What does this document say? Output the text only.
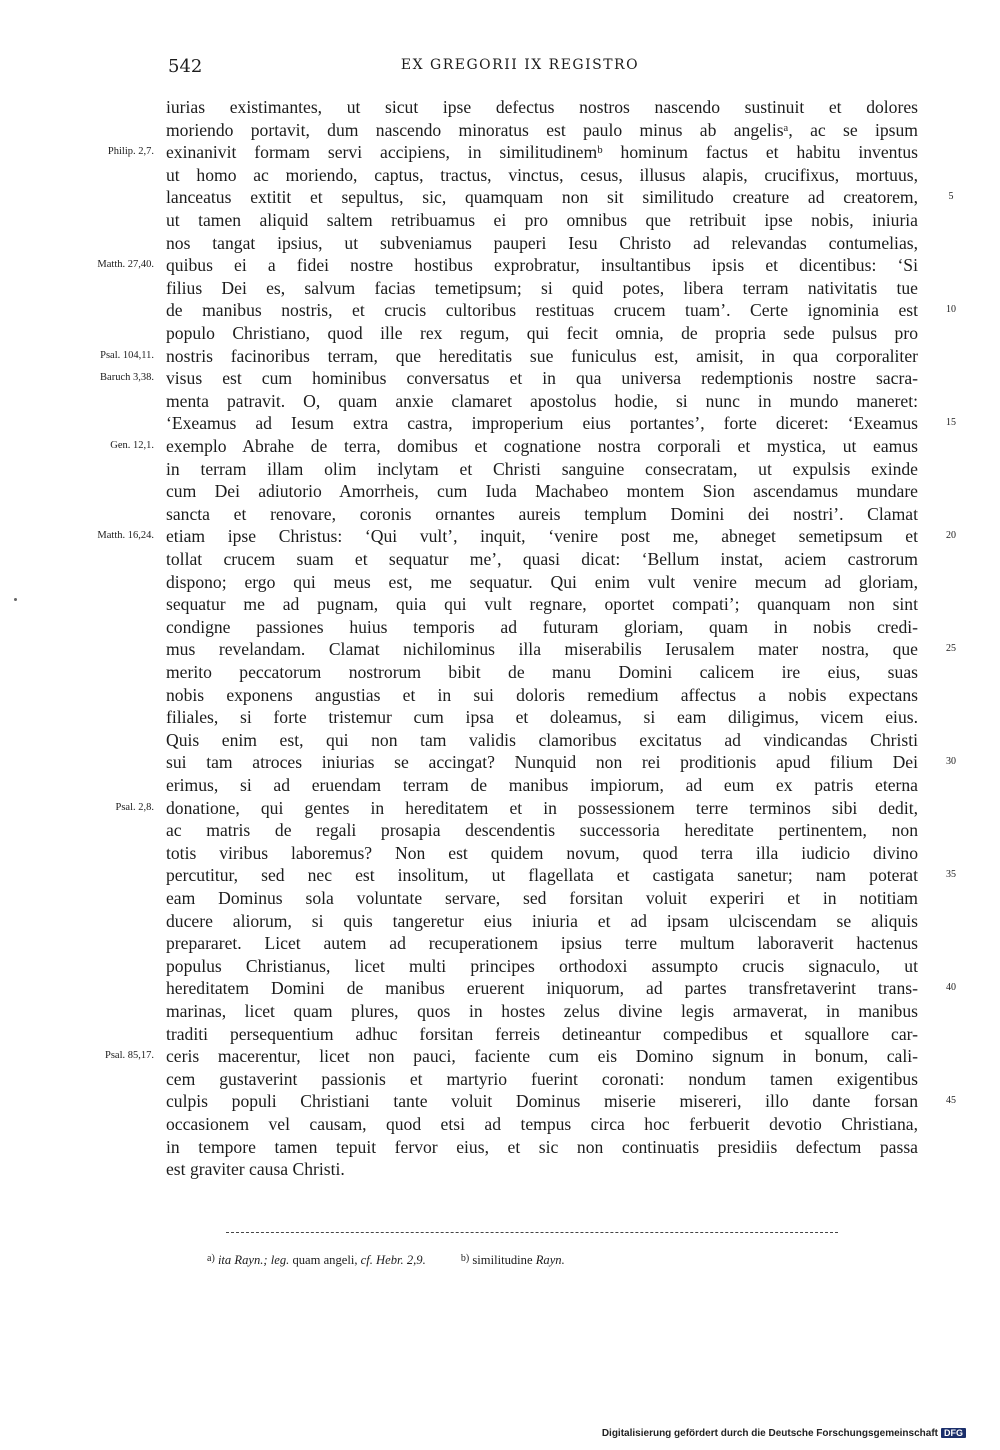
542	EX GREGORII IX REGISTRO
iurias existimantes, ut sicut ipse defectus nostros nascendo sustinuit et dolores
moriendo portavit, dum nascendo minoratus est paulo minus ab angelisᵃ, ac se ipsum
exinanivit formam servi accipiens, in similitudinemᵇ hominum factus et habitu inventus
Philip. 2,7.
ut homo ac moriendo, captus, tractus, vinctus, cesus, illusus alapis, crucifixus, mortuus,
lanceatus extitit et sepultus, sic, quamquam non sit similitudo creature ad creatorem,	5
ut tamen aliquid saltem retribuamus ei pro omnibus que retribuit ipse nobis, iniuria
nos tangat ipsius, ut subveniamus pauperi Iesu Christo ad relevandas contumelias,
quibus ei a fidei nostre hostibus exprobratur, insultantibus ipsis et dicentibus: ‘Si
Matth. 27,40.
filius Dei es, salvum facias temetipsum; si quid potes, libera terram nativitatis tue
de manibus nostris, et crucis cultoribus restituas crucem tuam’. Certe ignominia est	10
populo Christiano, quod ille rex regum, qui fecit omnia, de propria sede pulsus pro
nostris facinoribus terram, que hereditatis sue funiculus est, amisit, in qua corporaliter
Psal. 104,11.
visus est cum hominibus conversatus et in qua universa redemptionis nostre sacra-
Baruch 3,38.
menta patravit. O, quam anxie clamaret apostolus hodie, si nunc in mundo maneret:
‘Exeamus ad Iesum extra castra, improperium eius portantes’, forte diceret: ‘Exeamus	15
exemplo Abrahe de terra, domibus et cognatione nostra corporali et mystica, ut eamus
Gen. 12,1.
in terram illam olim inclytam et Christi sanguine consecratam, ut expulsis exinde
cum Dei adiutorio Amorrheis, cum Iuda Machabeo montem Sion ascendamus mundare
sancta et renovare, coronis ornantes aureis templum Domini dei nostri’. Clamat
etiam ipse Christus: ‘Qui vult’, inquit, ‘venire post me, abneget semetipsum et
Matth. 16,24.	20
tollat crucem suam et sequatur me’, quasi dicat: ‘Bellum instat, aciem castrorum
dispono; ergo qui meus est, me sequatur. Qui enim vult venire mecum ad gloriam,
sequatur me ad pugnam, quia qui vult regnare, oportet compati’; quanquam non sint
condigne passiones huius temporis ad futuram gloriam, quam in nobis credi-
mus revelandam. Clamat nichilominus illa miserabilis Ierusalem mater nostra, que	25
merito peccatorum nostrorum bibit de manu Domini calicem ire eius, suas
nobis exponens angustias et in sui doloris remedium affectus a nobis expectans
filiales, si forte tristemur cum ipsa et doleamus, si eam diligimus, vicem eius.
Quis enim est, qui non tam validis clamoribus excitatus ad vindicandas Christi
sui tam atroces iniurias se accingat? Nunquid non rei proditionis apud filium Dei	30
erimus, si ad eruendam terram de manibus impiorum, ad eum ex patris eterna
donatione, qui gentes in hereditatem et in possessionem terre terminos sibi dedit,
Psal. 2,8.
ac matris de regali prosapia descendentis successoria hereditate pertinentem, non
totis viribus laboremus? Non est quidem novum, quod terra illa iudicio divino
percutitur, sed nec est insolitum, ut flagellata et castigata sanetur; nam poterat	35
eam Dominus sola voluntate servare, sed forsitan voluit experiri et in notitiam
ducere aliorum, si quis tangeretur eius iniuria et ad ipsam ulciscendam se aliquis
prepararet. Licet autem ad recuperationem ipsius terre multum laboraverit hactenus
populus Christianus, licet multi principes orthodoxi assumpto crucis signaculo, ut
hereditatem Domini de manibus eruerent iniquorum, ad partes transfretaverint trans-	40
marinas, licet quam plures, quos in hostes zelus divine legis armaverat, in manibus
traditi persequentium adhuc forsitan ferreis detineantur compedibus et squallore car-
ceris macerentur, licet non pauci, faciente cum eis Domino signum in bonum, cali-
Psal. 85,17.
cem gustaverint passionis et martyrio fuerint coronati: nondum tamen exigentibus
culpis populi Christiani tante voluit Dominus miserie misereri, illo dante forsan	45
occasionem vel causam, quod etsi ad tempus circa hoc ferbuerit devotio Christiana,
in tempore tamen tepuit fervor eius, et sic non continuatis presidiis defectum passa
est graviter causa Christi.
$^{a)}$ ita Rayn.; leg. quam angeli, cf. Hebr. 2,9.	$^{b)}$ similitudine Rayn.
Digitalisierung gefördert durch die Deutsche Forschungsgemeinschaft DFG
